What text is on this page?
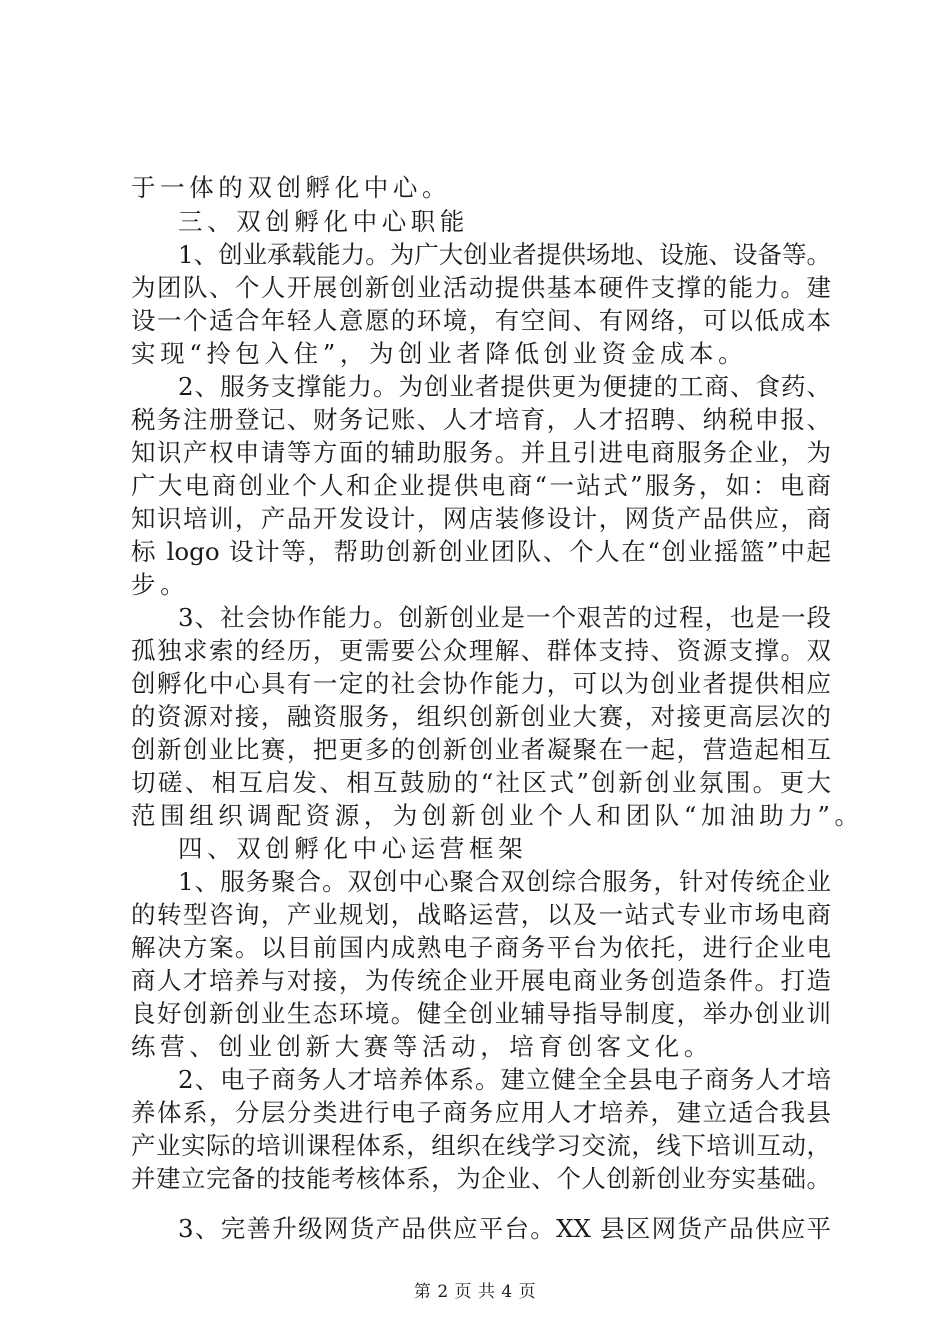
于一体的双创孵化中心。
三、双创孵化中心职能
1、创业承载能力。为广大创业者提供场地、设施、设备等。
为团队、个人开展创新创业活动提供基本硬件支撑的能力。建
设一个适合年轻人意愿的环境，有空间、有网络，可以低成本
实现“拎包入住”，为创业者降低创业资金成本。
2、服务支撑能力。为创业者提供更为便捷的工商、食药、
税务注册登记、财务记账、人才培育，人才招聘、纳税申报、
知识产权申请等方面的辅助服务。并且引进电商服务企业，为
广大电商创业个人和企业提供电商“一站式”服务，如：电商
知识培训，产品开发设计，网店装修设计，网货产品供应，商
标 logo 设计等，帮助创新创业团队、个人在“创业摇篮”中起
步。
3、社会协作能力。创新创业是一个艰苦的过程，也是一段
孤独求索的经历，更需要公众理解、群体支持、资源支撑。双
创孵化中心具有一定的社会协作能力，可以为创业者提供相应
的资源对接，融资服务，组织创新创业大赛，对接更高层次的
创新创业比赛，把更多的创新创业者凝聚在一起，营造起相互
切磋、相互启发、相互鼓励的“社区式”创新创业氛围。更大
范围组织调配资源，为创新创业个人和团队“加油助力”。
四、双创孵化中心运营框架
1、服务聚合。双创中心聚合双创综合服务，针对传统企业
的转型咨询，产业规划，战略运营，以及一站式专业市场电商
解决方案。以目前国内成熟电子商务平台为依托，进行企业电
商人才培养与对接，为传统企业开展电商业务创造条件。打造
良好创新创业生态环境。健全创业辅导指导制度，举办创业训
练营、创业创新大赛等活动，培育创客文化。
2、电子商务人才培养体系。建立健全全县电子商务人才培
养体系，分层分类进行电子商务应用人才培养，建立适合我县
产业实际的培训课程体系，组织在线学习交流，线下培训互动，
并建立完备的技能考核体系，为企业、个人创新创业夯实基础。
3、完善升级网货产品供应平台。XX 县区网货产品供应平
第 2 页 共 4 页
